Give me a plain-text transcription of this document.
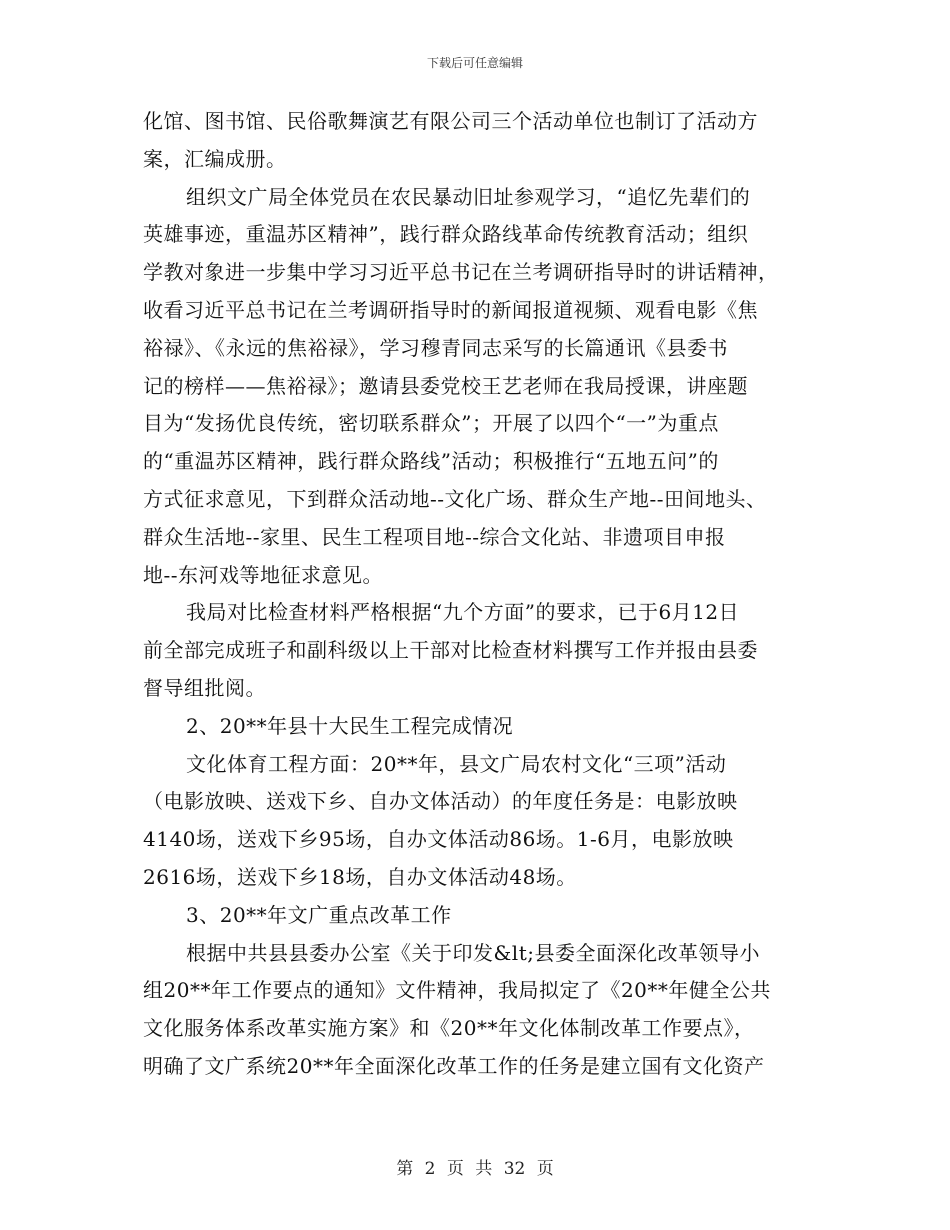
下载后可任意编辑
化馆、图书馆、民俗歌舞演艺有限公司三个活动单位也制订了活动方
案，汇编成册。
组织文广局全体党员在农民暴动旧址参观学习，“追忆先辈们的
英雄事迹，重温苏区精神”，践行群众路线革命传统教育活动；组织
学教对象进一步集中学习习近平总书记在兰考调研指导时的讲话精神，
收看习近平总书记在兰考调研指导时的新闻报道视频、观看电影《焦
裕禄》、《永远的焦裕禄》，学习穆青同志采写的长篇通讯《县委书
记的榜样——焦裕禄》；邀请县委党校王艺老师在我局授课，讲座题
目为“发扬优良传统，密切联系群众”；开展了以四个“一”为重点
的“重温苏区精神，践行群众路线”活动；积极推行“五地五问”的
方式征求意见，下到群众活动地--文化广场、群众生产地--田间地头、
群众生活地--家里、民生工程项目地--综合文化站、非遗项目申报
地--东河戏等地征求意见。
我局对比检查材料严格根据“九个方面”的要求，已于6月12日
前全部完成班子和副科级以上干部对比检查材料撰写工作并报由县委
督导组批阅。
2、20**年县十大民生工程完成情况
文化体育工程方面：20**年，县文广局农村文化“三项”活动
（电影放映、送戏下乡、自办文体活动）的年度任务是：电影放映
4140场，送戏下乡95场，自办文体活动86场。1-6月，电影放映
2616场，送戏下乡18场，自办文体活动48场。
3、20**年文广重点改革工作
根据中共县县委办公室《关于印发&lt;县委全面深化改革领导小
组20**年工作要点的通知》文件精神，我局拟定了《20**年健全公共
文化服务体系改革实施方案》和《20**年文化体制改革工作要点》，
明确了文广系统20**年全面深化改革工作的任务是建立国有文化资产
第 2 页 共 32 页
